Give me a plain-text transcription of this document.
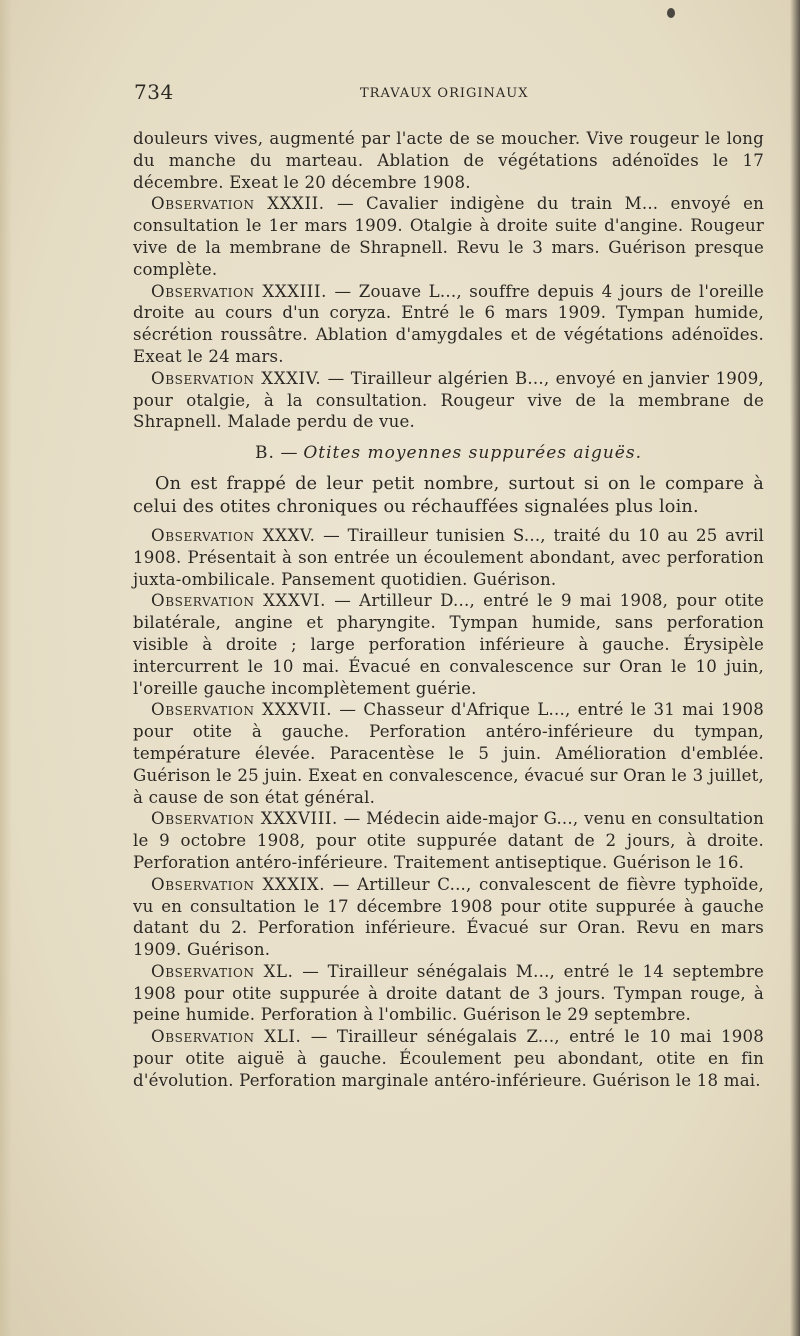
734	TRAVAUX ORIGINAUX

douleurs vives, augmenté par l'acte de se moucher. Vive rougeur le long du manche du marteau. Ablation de végétations adénoïdes le 17 décembre. Exeat le 20 décembre 1908.

Observation XXXII. — Cavalier indigène du train M... envoyé en consultation le 1er mars 1909. Otalgie à droite suite d'angine. Rougeur vive de la membrane de Shrapnell. Revu le 3 mars. Guérison presque complète.

Observation XXXIII. — Zouave L..., souffre depuis 4 jours de l'oreille droite au cours d'un coryza. Entré le 6 mars 1909. Tympan humide, sécrétion roussâtre. Ablation d'amygdales et de végétations adénoïdes. Exeat le 24 mars.

Observation XXXIV. — Tirailleur algérien B..., envoyé en janvier 1909, pour otalgie, à la consultation. Rougeur vive de la membrane de Shrapnell. Malade perdu de vue.

B. — Otites moyennes suppurées aiguës.

On est frappé de leur petit nombre, surtout si on le compare à celui des otites chroniques ou réchauffées signalées plus loin.

Observation XXXV. — Tirailleur tunisien S..., traité du 10 au 25 avril 1908. Présentait à son entrée un écoulement abondant, avec perforation juxta-ombilicale. Pansement quotidien. Guérison.

Observation XXXVI. — Artilleur D..., entré le 9 mai 1908, pour otite bilatérale, angine et pharyngite. Tympan humide, sans perforation visible à droite ; large perforation inférieure à gauche. Érysipèle intercurrent le 10 mai. Évacué en convalescence sur Oran le 10 juin, l'oreille gauche incomplètement guérie.

Observation XXXVII. — Chasseur d'Afrique L..., entré le 31 mai 1908 pour otite à gauche. Perforation antéro-inférieure du tympan, température élevée. Paracentèse le 5 juin. Amélioration d'emblée. Guérison le 25 juin. Exeat en convalescence, évacué sur Oran le 3 juillet, à cause de son état général.

Observation XXXVIII. — Médecin aide-major G..., venu en consultation le 9 octobre 1908, pour otite suppurée datant de 2 jours, à droite. Perforation antéro-inférieure. Traitement antiseptique. Guérison le 16.

Observation XXXIX. — Artilleur C..., convalescent de fièvre typhoïde, vu en consultation le 17 décembre 1908 pour otite suppurée à gauche datant du 2. Perforation inférieure. Évacué sur Oran. Revu en mars 1909. Guérison.

Observation XL. — Tirailleur sénégalais M..., entré le 14 septembre 1908 pour otite suppurée à droite datant de 3 jours. Tympan rouge, à peine humide. Perforation à l'ombilic. Guérison le 29 septembre.

Observation XLI. — Tirailleur sénégalais Z..., entré le 10 mai 1908 pour otite aiguë à gauche. Écoulement peu abondant, otite en fin d'évolution. Perforation marginale antéro-inférieure. Guérison le 18 mai.
